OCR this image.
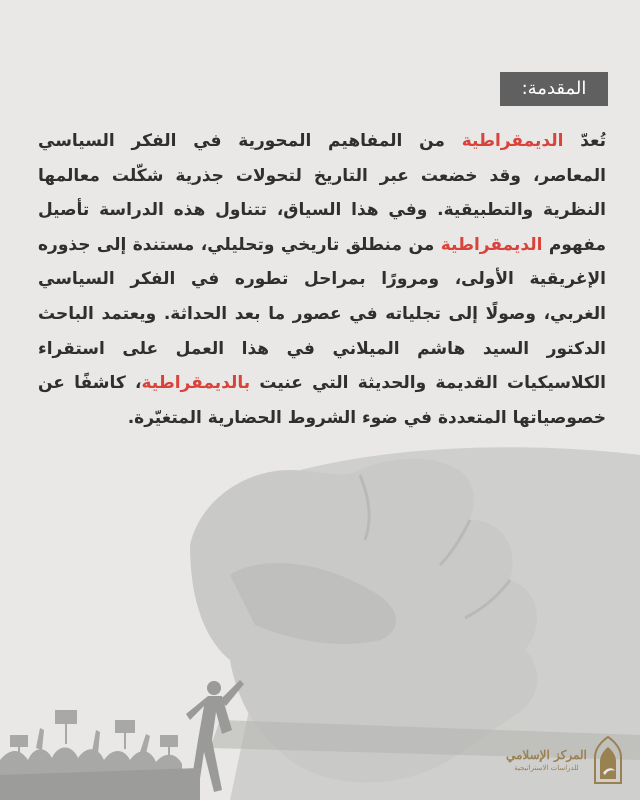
المقدمة:

تُعدّ الديمقراطية من المفاهيم المحورية في الفكر السياسي المعاصر، وقد خضعت عبر التاريخ لتحولات جذرية شكّلت معالمها النظرية والتطبيقية. وفي هذا السياق، تتناول هذه الدراسة تأصيل مفهوم الديمقراطية من منطلق تاريخي وتحليلي، مستندة إلى جذوره الإغريقية الأولى، ومرورًا بمراحل تطوره في الفكر السياسي الغربي، وصولًا إلى تجلياته في عصور ما بعد الحداثة. ويعتمد الباحث الدكتور السيد هاشم الميلاني في هذا العمل على استقراء الكلاسيكيات القديمة والحديثة التي عنيت بالديمقراطية، كاشفًا عن خصوصياتها المتعددة في ضوء الشروط الحضارية المتغيّرة.

المركز الإسلامي
للدراسات الاستراتيجية
